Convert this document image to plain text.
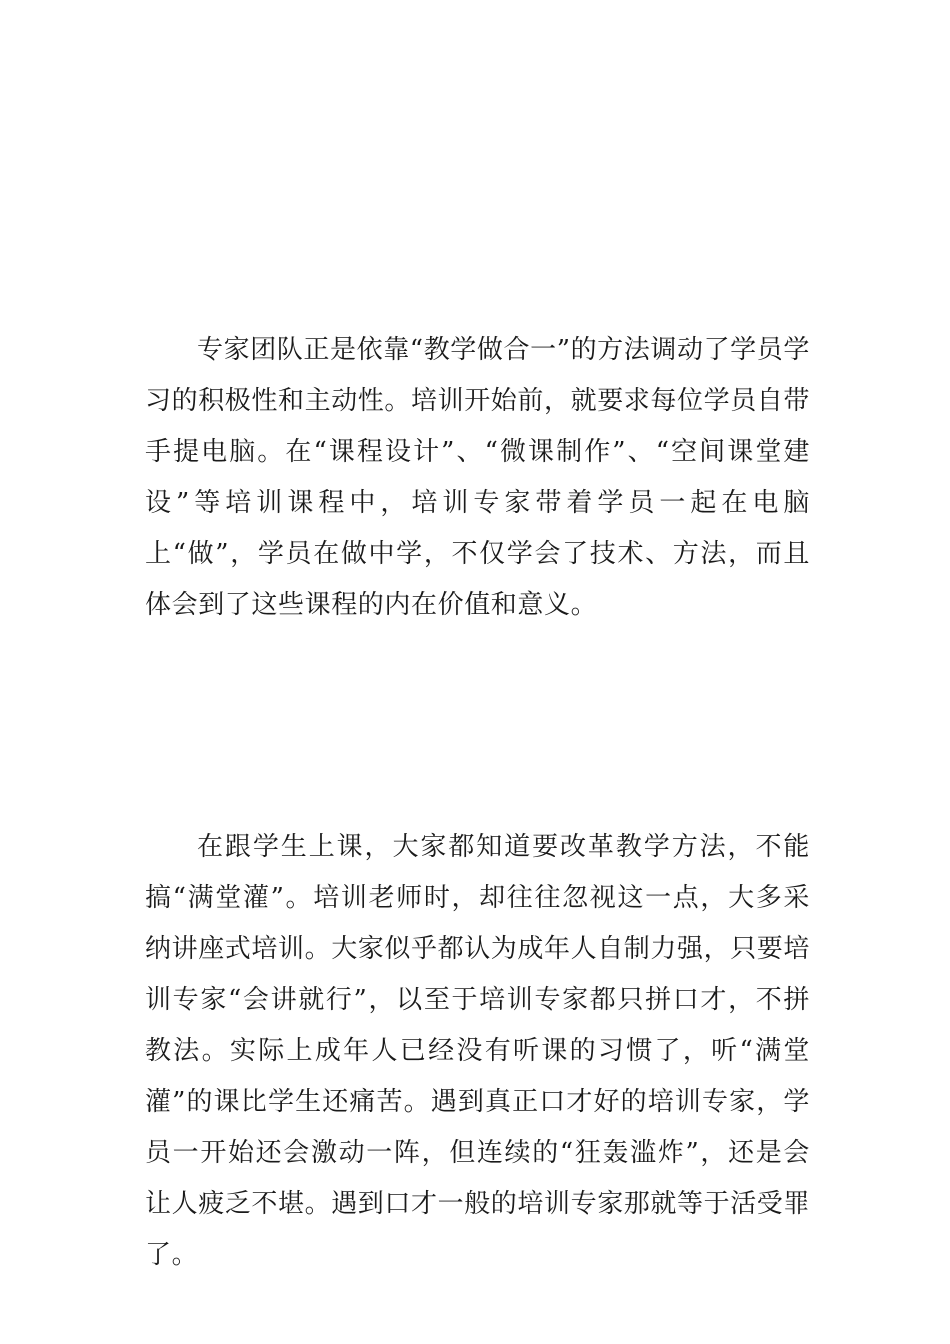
专家团队正是依靠“教学做合一”的方法调动了学员学习的积极性和主动性。培训开始前，就要求每位学员自带手提电脑。在“课程设计”、“微课制作”、“空间课堂建设”等培训课程中，培训专家带着学员一起在电脑上“做”，学员在做中学，不仅学会了技术、方法，而且体会到了这些课程的内在价值和意义。

在跟学生上课，大家都知道要改革教学方法，不能搞“满堂灌”。培训老师时，却往往忽视这一点，大多采纳讲座式培训。大家似乎都认为成年人自制力强，只要培训专家“会讲就行”，以至于培训专家都只拼口才，不拼教法。实际上成年人已经没有听课的习惯了，听“满堂灌”的课比学生还痛苦。遇到真正口才好的培训专家，学员一开始还会激动一阵，但连续的“狂轰滥炸”，还是会让人疲乏不堪。遇到口才一般的培训专家那就等于活受罪了。
